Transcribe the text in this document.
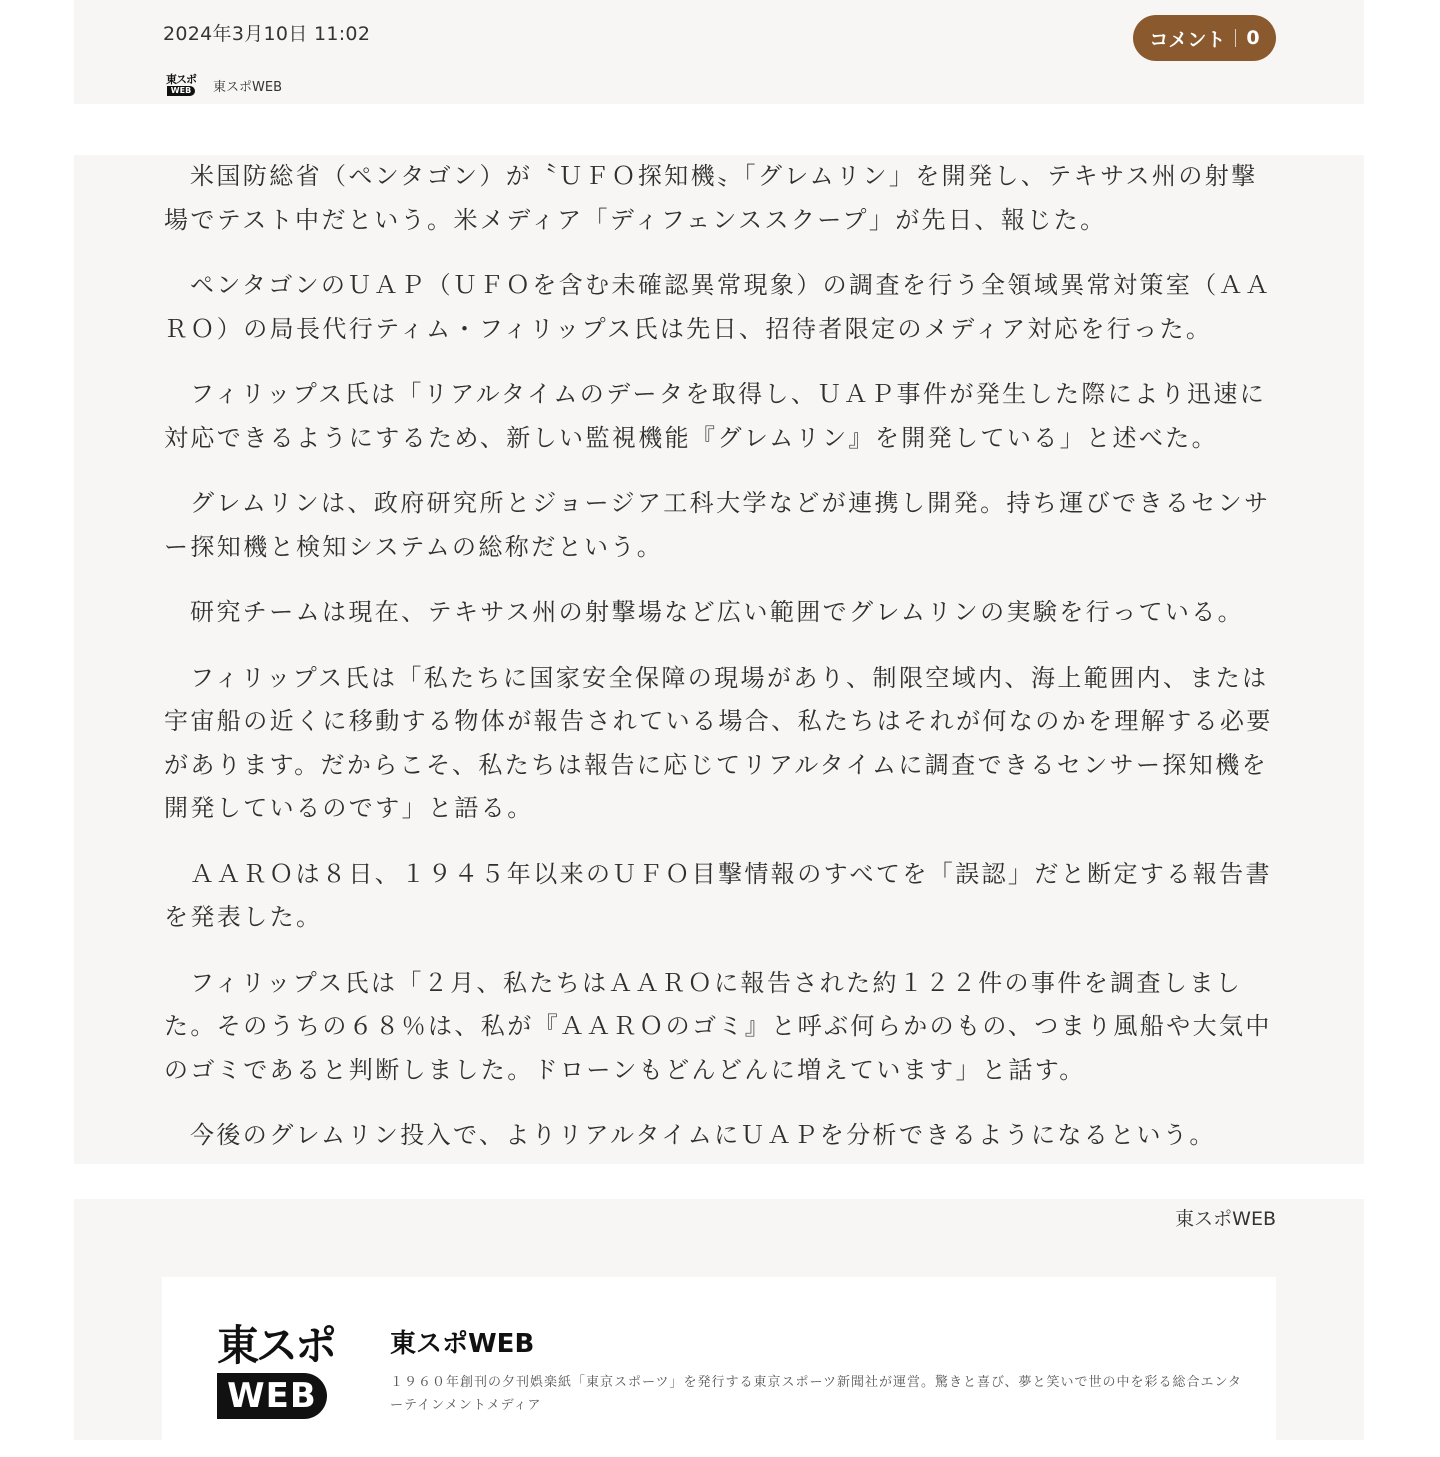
2024年3月10日 11:02	コメント 0
東スポ
WEB	東スポWEB

米国防総省（ペンタゴン）が〝ＵＦＯ探知機〟「グレムリン」を開発し、テキサス州の射撃場でテスト中だという。米メディア「ディフェンススクープ」が先日、報じた。

ペンタゴンのＵＡＰ（ＵＦＯを含む未確認異常現象）の調査を行う全領域異常対策室（ＡＡＲＯ）の局長代行ティム・フィリップス氏は先日、招待者限定のメディア対応を行った。

フィリップス氏は「リアルタイムのデータを取得し、ＵＡＰ事件が発生した際により迅速に対応できるようにするため、新しい監視機能『グレムリン』を開発している」と述べた。

グレムリンは、政府研究所とジョージア工科大学などが連携し開発。持ち運びできるセンサー探知機と検知システムの総称だという。

研究チームは現在、テキサス州の射撃場など広い範囲でグレムリンの実験を行っている。

フィリップス氏は「私たちに国家安全保障の現場があり、制限空域内、海上範囲内、または宇宙船の近くに移動する物体が報告されている場合、私たちはそれが何なのかを理解する必要があります。だからこそ、私たちは報告に応じてリアルタイムに調査できるセンサー探知機を開発しているのです」と語る。

ＡＡＲＯは８日、１９４５年以来のＵＦＯ目撃情報のすべてを「誤認」だと断定する報告書を発表した。

フィリップス氏は「２月、私たちはＡＡＲＯに報告された約１２２件の事件を調査しました。そのうちの６８％は、私が『ＡＡＲＯのゴミ』と呼ぶ何らかのもの、つまり風船や大気中のゴミであると判断しました。ドローンもどんどんに増えています」と話す。

今後のグレムリン投入で、よりリアルタイムにＵＡＰを分析できるようになるという。

東スポWEB
東スポ
WEB
東スポWEB
１９６０年創刊の夕刊娯楽紙「東京スポーツ」を発行する東京スポーツ新聞社が運営。驚きと喜び、夢と笑いで世の中を彩る総合エンターテインメントメディア
